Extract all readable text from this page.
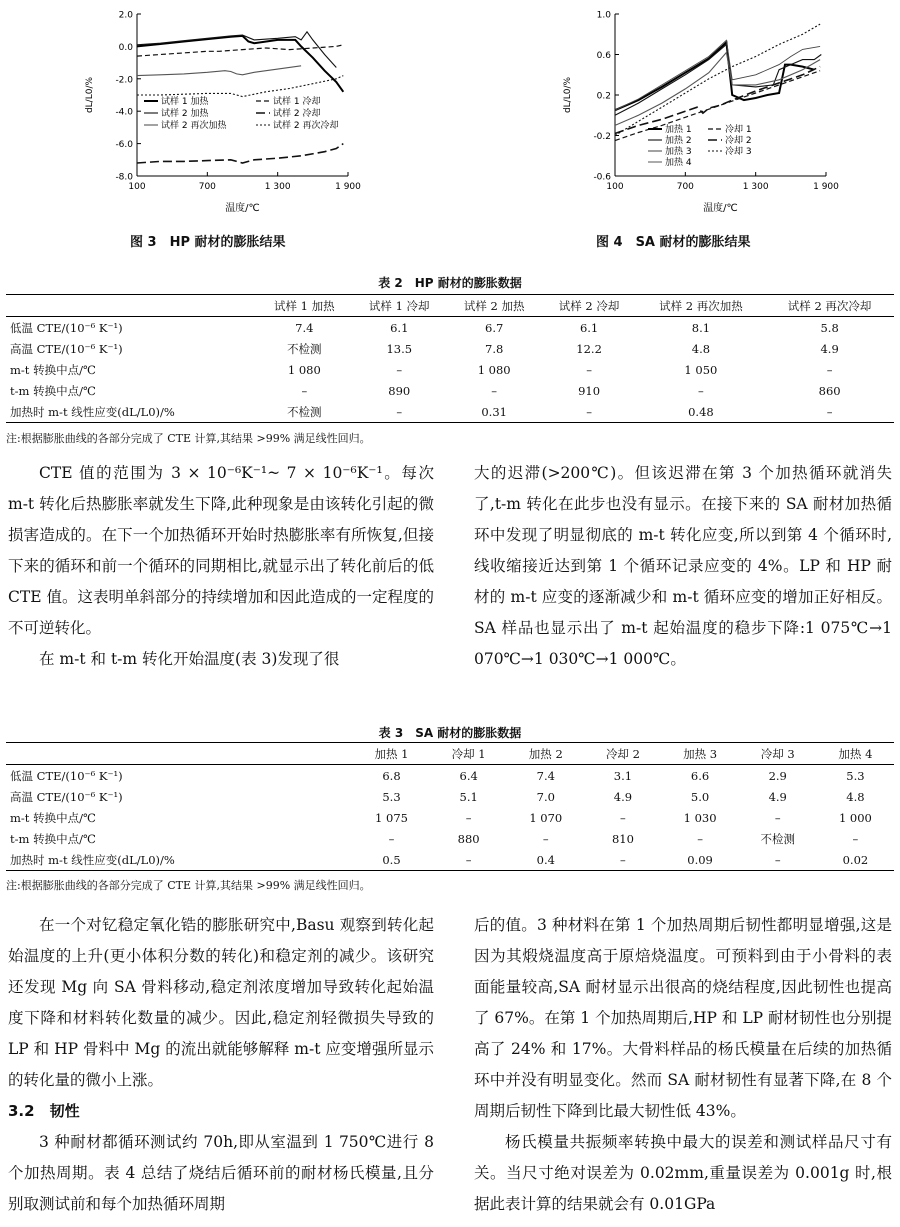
2.0
0.0
-2.0
-4.0
-6.0
-8.0
100	700	1 300	1 900
温度/℃
dL/L0/%	试样 1 加热	试样 1 冷却
试样 2 加热	试样 2 冷却
试样 2 再次加热	试样 2 再次冷却
图 3　HP 耐材的膨胀结果
1.0
0.6
0.2
-0.2
-0.6
100	700	1 300	1 900
温度/℃
dL/L0/%
加热 1	冷却 1
加热 2	冷却 2
加热 3	冷却 3
加热 4
图 4　SA 耐材的膨胀结果
表 2　HP 耐材的膨胀数据
	试样 1 加热	试样 1 冷却	试样 2 加热	试样 2 冷却	试样 2 再次加热	试样 2 再次冷却
低温 CTE/(10⁻⁶ K⁻¹)	7.4	6.1	6.7	6.1	8.1	5.8
高温 CTE/(10⁻⁶ K⁻¹)	不检测	13.5	7.8	12.2	4.8	4.9
m-t 转换中点/℃	1 080	–	1 080	–	1 050	–
t-m 转换中点/℃	–	890	–	910	–	860
加热时 m-t 线性应变(dL/L0)/%	不检测	–	0.31	–	0.48	–
注:根据膨胀曲线的各部分完成了 CTE 计算,其结果 >99% 满足线性回归。

CTE 值的范围为 3 × 10⁻⁶K⁻¹~ 7 × 10⁻⁶K⁻¹。每次 m-t 转化后热膨胀率就发生下降,此种现象是由该转化引起的微损害造成的。在下一个加热循环开始时热膨胀率有所恢复,但接下来的循环和前一个循环的同期相比,就显示出了转化前后的低 CTE 值。这表明单斜部分的持续增加和因此造成的一定程度的不可逆转化。

在 m-t 和 t-m 转化开始温度(表 3)发现了很

大的迟滞(>200℃)。但该迟滞在第 3 个加热循环就消失了,t-m 转化在此步也没有显示。在接下来的 SA 耐材加热循环中发现了明显彻底的 m-t 转化应变,所以到第 4 个循环时,线收缩接近达到第 1 个循环记录应变的 4%。LP 和 HP 耐材的 m-t 应变的逐渐减少和 m-t 循环应变的增加正好相反。SA 样品也显示出了 m-t 起始温度的稳步下降:1 075℃→1 070℃→1 030℃→1 000℃。

表 3　SA 耐材的膨胀数据
	加热 1	冷却 1	加热 2	冷却 2	加热 3	冷却 3	加热 4
低温 CTE/(10⁻⁶ K⁻¹)	6.8	6.4	7.4	3.1	6.6	2.9	5.3
高温 CTE/(10⁻⁶ K⁻¹)	5.3	5.1	7.0	4.9	5.0	4.9	4.8
m-t 转换中点/℃	1 075	–	1 070	–	1 030	–	1 000
t-m 转换中点/℃	–	880	–	810	–	不检测	–
加热时 m-t 线性应变(dL/L0)/%	0.5	–	0.4	–	0.09	–	0.02
注:根据膨胀曲线的各部分完成了 CTE 计算,其结果 >99% 满足线性回归。

在一个对钇稳定氧化锆的膨胀研究中,Basu 观察到转化起始温度的上升(更小体积分数的转化)和稳定剂的减少。该研究还发现 Mg 向 SA 骨料移动,稳定剂浓度增加导致转化起始温度下降和材料转化数量的减少。因此,稳定剂轻微损失导致的 LP 和 HP 骨料中 Mg 的流出就能够解释 m-t 应变增强所显示的转化量的微小上涨。

3.2　韧性

3 种耐材都循环测试约 70h,即从室温到 1 750℃进行 8 个加热周期。表 4 总结了烧结后循环前的耐材杨氏模量,且分别取测试前和每个加热循环周期

后的值。3 种材料在第 1 个加热周期后韧性都明显增强,这是因为其煅烧温度高于原焙烧温度。可预料到由于小骨料的表面能量较高,SA 耐材显示出很高的烧结程度,因此韧性也提高了 67%。在第 1 个加热周期后,HP 和 LP 耐材韧性也分别提高了 24% 和 17%。大骨料样品的杨氏模量在后续的加热循环中并没有明显变化。然而 SA 耐材韧性有显著下降,在 8 个周期后韧性下降到比最大韧性低 43%。

杨氏模量共振频率转换中最大的误差和测试样品尺寸有关。当尺寸绝对误差为 0.02mm,重量误差为 0.001g 时,根据此表计算的结果就会有 0.01GPa
